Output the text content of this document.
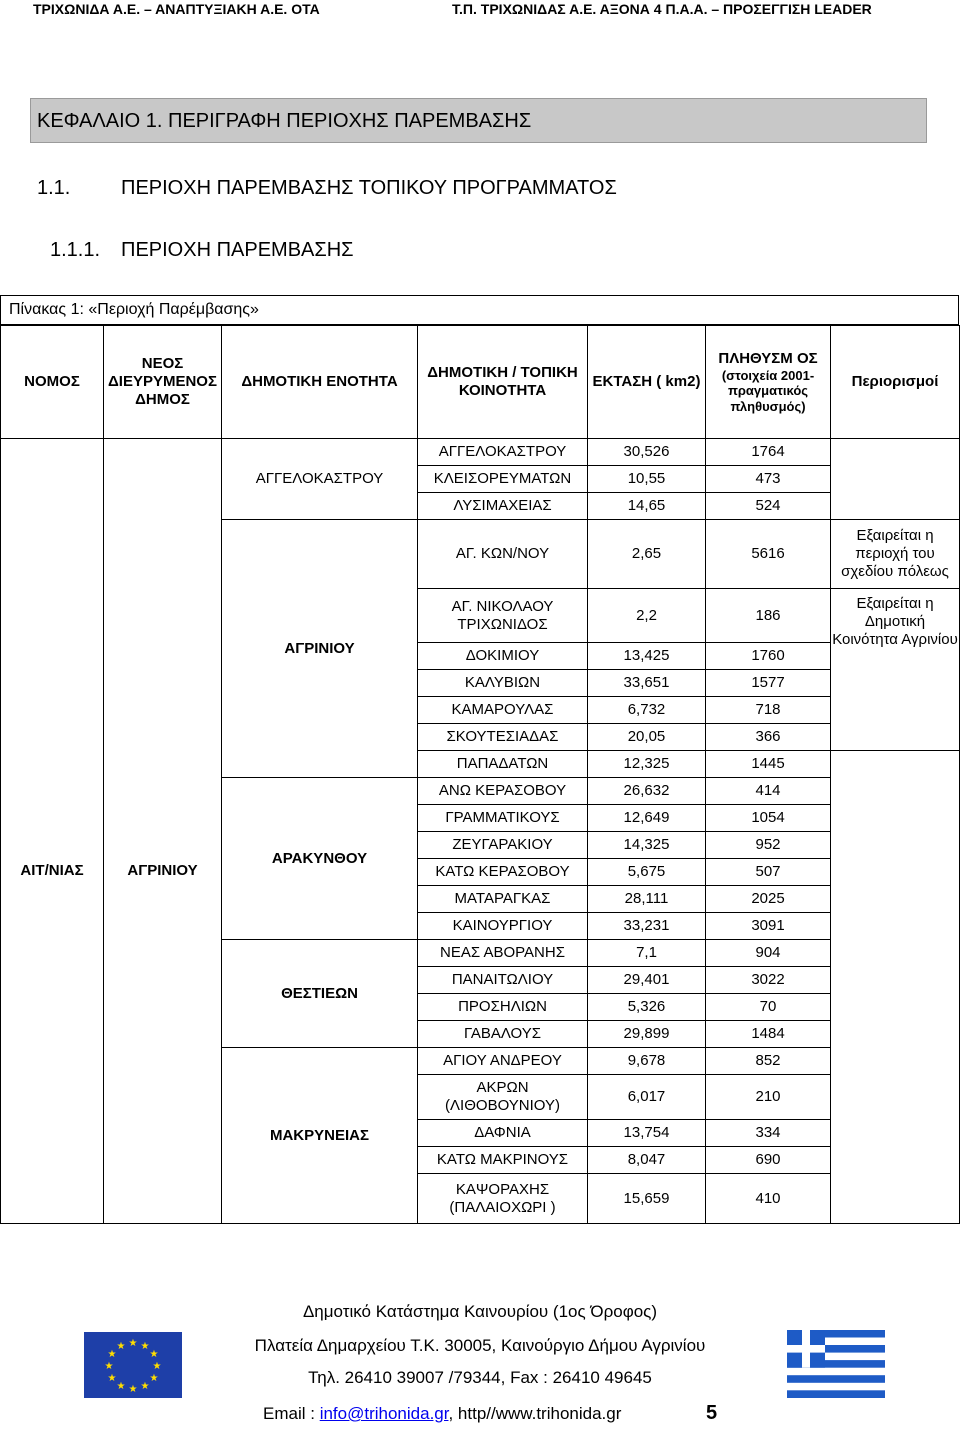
ΤΡΙΧΩΝΙΔΑ Α.Ε. – ΑΝΑΠΤΥΞΙΑΚΗ Α.Ε. ΟΤΑ	Τ.Π. ΤΡΙΧΩΝΙΔΑΣ Α.Ε. ΑΞΟΝΑ 4 Π.Α.Α. – ΠΡΟΣΕΓΓΙΣΗ LEADER
ΚΕΦΑΛΑΙΟ 1. ΠΕΡΙΓΡΑΦΗ ΠΕΡΙΟΧΗΣ ΠΑΡΕΜΒΑΣΗΣ
1.1.	ΠΕΡΙΟΧΗ ΠΑΡΕΜΒΑΣΗΣ ΤΟΠΙΚΟΥ ΠΡΟΓΡΑΜΜΑΤΟΣ
1.1.1. ΠΕΡΙΟΧΗ ΠΑΡΕΜΒΑΣΗΣ
Πίνακας 1: «Περιοχή Παρέμβασης»
ΝΟΜΟΣ	ΝΕΟΣ ΔΙΕΥΡΥΜΕΝΟΣ ΔΗΜΟΣ	ΔΗΜΟΤΙΚΗ ΕΝΟΤΗΤΑ	ΔΗΜΟΤΙΚΗ / ΤΟΠΙΚΗ ΚΟΙΝΟΤΗΤΑ	ΕΚΤΑΣΗ ( km2)	ΠΛΗΘΥΣΜ ΟΣ
(στοιχεία 2001- πραγματικός πληθυσμός)	Περιορισμοί
		ΑΓΓΕΛΟΚΑΣΤΡΟΥ	ΑΓΓΕΛΟΚΑΣΤΡΟΥ	30,526	1764	
			ΚΛΕΙΣΟΡΕΥΜΑΤΩΝ	10,55	473	
			ΛΥΣΙΜΑΧΕΙΑΣ	14,65	524	
ΑΙΤ/ΝΙΑΣ	ΑΓΡΙΝΙΟΥ	ΑΓΡΙΝΙΟΥ	ΑΓ. ΚΩΝ/ΝΟΥ	2,65	5616	Εξαιρείται η περιοχή του σχεδίου πόλεως
			ΑΓ. ΝΙΚΟΛΑΟΥ ΤΡΙΧΩΝΙΔΟΣ	2,2	186	Εξαιρείται η Δημοτική Κοινότητα Αγρινίου
			ΔΟΚΙΜΙΟΥ	13,425	1760	
			ΚΑΛΥΒΙΩΝ	33,651	1577	
			ΚΑΜΑΡΟΥΛΑΣ	6,732	718	
			ΣΚΟΥΤΕΣΙΑΔΑΣ	20,05	366	
			ΠΑΠΑΔΑΤΩΝ	12,325	1445	
		ΑΡΑΚΥΝΘΟΥ	ΑΝΩ ΚΕΡΑΣΟΒΟΥ	26,632	414	
			ΓΡΑΜΜΑΤΙΚΟΥΣ	12,649	1054	
			ΖΕΥΓΑΡΑΚΙΟΥ	14,325	952	
			ΚΑΤΩ ΚΕΡΑΣΟΒΟΥ	5,675	507	
			ΜΑΤΑΡΑΓΚΑΣ	28,111	2025	
			ΚΑΙΝΟΥΡΓΙΟΥ	33,231	3091	
		ΘΕΣΤΙΕΩΝ	ΝΕΑΣ ΑΒΟΡΑΝΗΣ	7,1	904	
			ΠΑΝΑΙΤΩΛΙΟΥ	29,401	3022	
			ΠΡΟΣΗΛΙΩΝ	5,326	70	
			ΓΑΒΑΛΟΥΣ	29,899	1484	
		ΜΑΚΡΥΝΕΙΑΣ	ΑΓΙΟΥ ΑΝΔΡΕΟΥ	9,678	852	
			ΑΚΡΩΝ (ΛΙΘΟΒΟΥΝΙΟΥ)	6,017	210	
			ΔΑΦΝΙΑ	13,754	334	
			ΚΑΤΩ ΜΑΚΡΙΝΟΥΣ	8,047	690	
			ΚΑΨΟΡΑΧΗΣ (ΠΑΛΑΙΟΧΩΡΙ )	15,659	410	
Δημοτικό Κατάστημα Καινουρίου (1ος Όροφος)
Πλατεία Δημαρχείου Τ.Κ. 30005, Καινούργιο Δήμου Αγρινίου
Τηλ. 26410 39007 /79344, Fax : 26410 49645
Email : info@trihonida.gr, http//www.trihonida.gr	5
★ ★
★
★
★
★
★
★
★
★
★
★
